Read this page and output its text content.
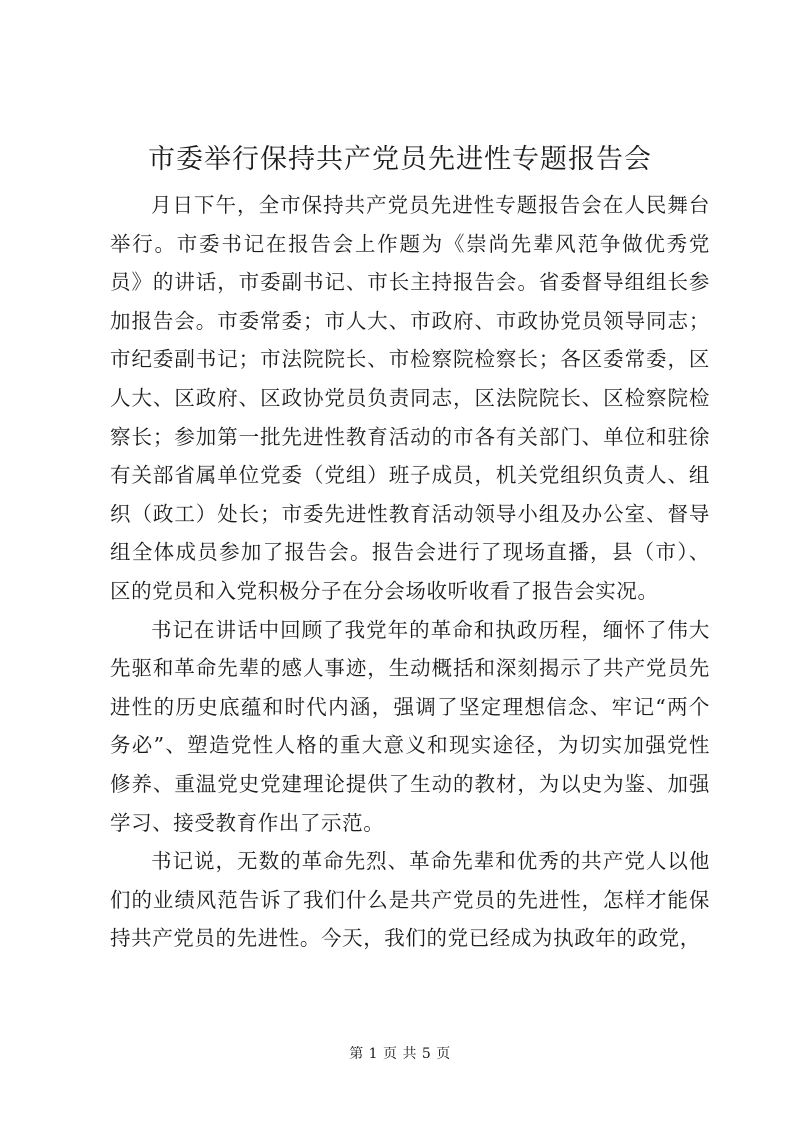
市委举行保持共产党员先进性专题报告会

月日下午，全市保持共产党员先进性专题报告会在人民舞台举行。市委书记在报告会上作题为《崇尚先辈风范争做优秀党员》的讲话，市委副书记、市长主持报告会。省委督导组组长参加报告会。市委常委；市人大、市政府、市政协党员领导同志；市纪委副书记；市法院院长、市检察院检察长；各区委常委，区人大、区政府、区政协党员负责同志，区法院院长、区检察院检察长；参加第一批先进性教育活动的市各有关部门、单位和驻徐有关部省属单位党委（党组）班子成员，机关党组织负责人、组织（政工）处长；市委先进性教育活动领导小组及办公室、督导组全体成员参加了报告会。报告会进行了现场直播，县（市）、区的党员和入党积极分子在分会场收听收看了报告会实况。

书记在讲话中回顾了我党年的革命和执政历程，缅怀了伟大先驱和革命先辈的感人事迹，生动概括和深刻揭示了共产党员先进性的历史底蕴和时代内涵，强调了坚定理想信念、牢记“两个务必”、塑造党性人格的重大意义和现实途径，为切实加强党性修养、重温党史党建理论提供了生动的教材，为以史为鉴、加强学习、接受教育作出了示范。

书记说，无数的革命先烈、革命先辈和优秀的共产党人以他们的业绩风范告诉了我们什么是共产党员的先进性，怎样才能保持共产党员的先进性。今天，我们的党已经成为执政年的政党，

第 1 页 共 5 页
